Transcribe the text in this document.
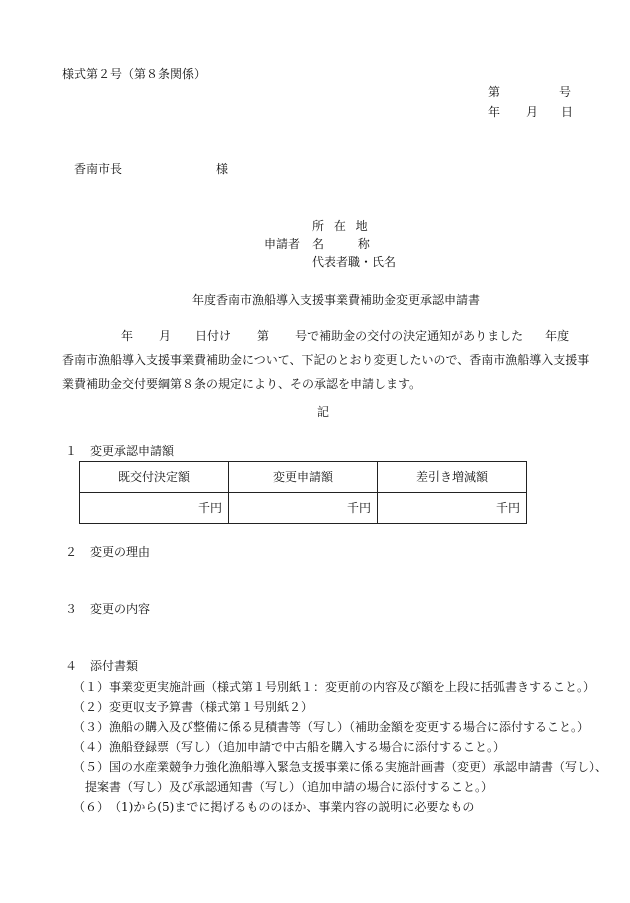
様式第２号（第８条関係）
第	号
年 月 日
香南市長	様
所 在 地
申請者 名 称
代表者職・氏名
年度香南市漁船導入支援事業費補助金変更承認申請書
年 月 日付け 第 号で補助金の交付の決定通知がありました 年度
香南市漁船導入支援事業費補助金について、下記のとおり変更したいので、香南市漁船導入支援事
業費補助金交付要綱第８条の規定により、その承認を申請します。
記
１ 変更承認申請額
既交付決定額	変更申請額	差引き増減額
千円	千円	千円
２ 変更の理由
３ 変更の内容
４ 添付書類
（１） 事業変更実施計画（様式第１号別紙１：変更前の内容及び額を上段に括弧書きすること。）
（２） 変更収支予算書（様式第１号別紙２）
（３） 漁船の購入及び整備に係る見積書等（写し）（補助金額を変更する場合に添付すること。）
（４） 漁船登録票（写し）（追加申請で中古船を購入する場合に添付すること。）
（５） 国の水産業競争力強化漁船導入緊急支援事業に係る実施計画書（変更）承認申請書（写し）、
提案書（写し）及び承認通知書（写し）（追加申請の場合に添付すること。）
（６） （1)から(5)までに掲げるもののほか、事業内容の説明に必要なもの
